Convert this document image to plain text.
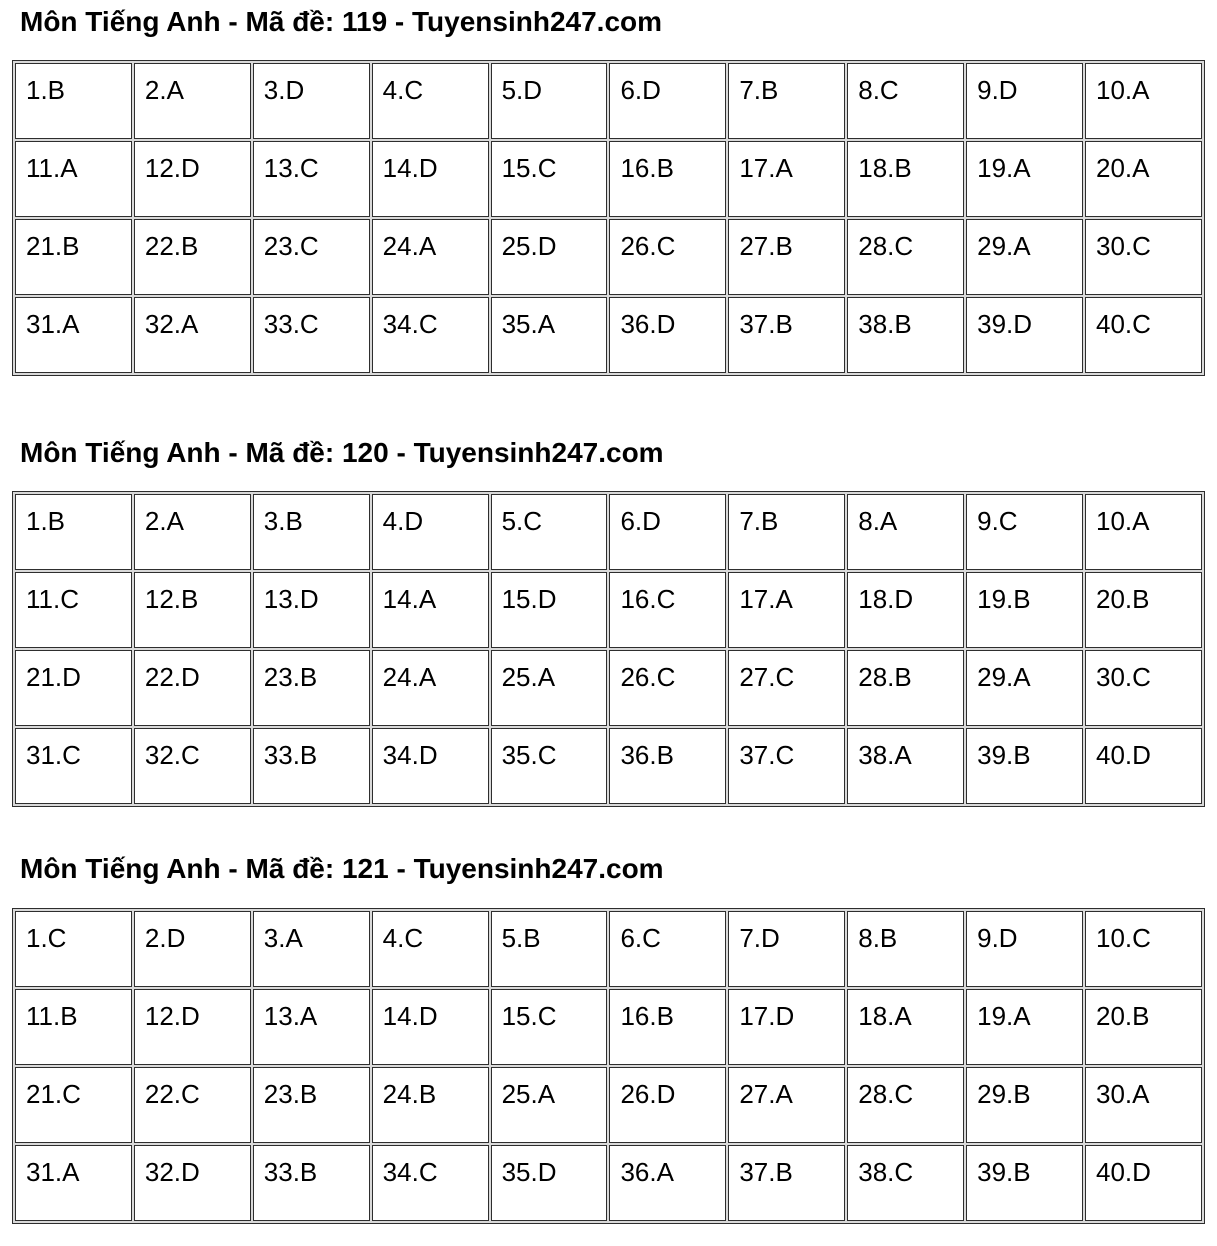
Môn Tiếng Anh - Mã đề: 119 - Tuyensinh247.com
1.B	2.A	3.D	4.C	5.D	6.D	7.B	8.C	9.D	10.A
11.A	12.D	13.C	14.D	15.C	16.B	17.A	18.B	19.A	20.A
21.B	22.B	23.C	24.A	25.D	26.C	27.B	28.C	29.A	30.C
31.A	32.A	33.C	34.C	35.A	36.D	37.B	38.B	39.D	40.C
Môn Tiếng Anh - Mã đề: 120 - Tuyensinh247.com
1.B	2.A	3.B	4.D	5.C	6.D	7.B	8.A	9.C	10.A
11.C	12.B	13.D	14.A	15.D	16.C	17.A	18.D	19.B	20.B
21.D	22.D	23.B	24.A	25.A	26.C	27.C	28.B	29.A	30.C
31.C	32.C	33.B	34.D	35.C	36.B	37.C	38.A	39.B	40.D
Môn Tiếng Anh - Mã đề: 121 - Tuyensinh247.com
1.C	2.D	3.A	4.C	5.B	6.C	7.D	8.B	9.D	10.C
11.B	12.D	13.A	14.D	15.C	16.B	17.D	18.A	19.A	20.B
21.C	22.C	23.B	24.B	25.A	26.D	27.A	28.C	29.B	30.A
31.A	32.D	33.B	34.C	35.D	36.A	37.B	38.C	39.B	40.D
